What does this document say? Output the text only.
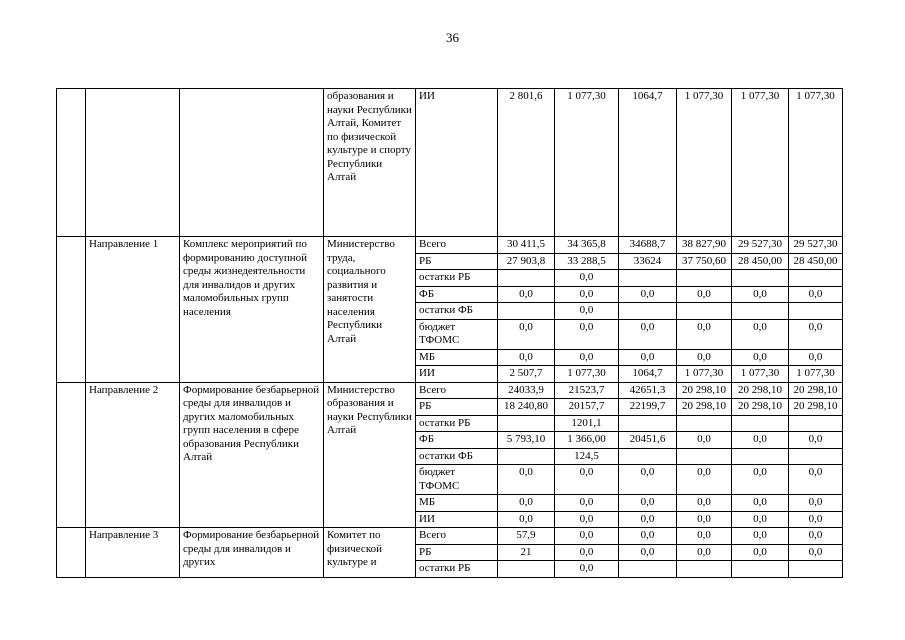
36
			образования и науки Республики Алтай, Комитет по физической культуре и спорту Республики Алтай	ИИ	2 801,6	1 077,30	1064,7	1 077,30	1 077,30	1 077,30
	Направление 1	Комплекс мероприятий по формированию доступной среды жизнедеятельности для инвалидов и других маломобильных групп населения	Министерство труда, социального развития и занятости населения Республики Алтай	Всего	30 411,5	34 365,8	34688,7	38 827,90	29 527,30	29 527,30
				РБ	27 903,8	33 288,5	33624	37 750,60	28 450,00	28 450,00
				остатки РБ		0,0				
				ФБ	0,0	0,0	0,0	0,0	0,0	0,0
				остатки ФБ		0,0				
				бюджет ТФОМС	0,0	0,0	0,0	0,0	0,0	0,0
				МБ	0,0	0,0	0,0	0,0	0,0	0,0
				ИИ	2 507,7	1 077,30	1064,7	1 077,30	1 077,30	1 077,30
	Направление 2	Формирование безбарьерной среды для инвалидов и других маломобильных групп населения в сфере образования Республики Алтай	Министерство образования и науки Республики Алтай	Всего	24033,9	21523,7	42651,3	20 298,10	20 298,10	20 298,10
				РБ	18 240,80	20157,7	22199,7	20 298,10	20 298,10	20 298,10
				остатки РБ		1201,1				
				ФБ	5 793,10	1 366,00	20451,6	0,0	0,0	0,0
				остатки ФБ		124,5				
				бюджет ТФОМС	0,0	0,0	0,0	0,0	0,0	0,0
				МБ	0,0	0,0	0,0	0,0	0,0	0,0
				ИИ	0,0	0,0	0,0	0,0	0,0	0,0
	Направление 3	Формирование безбарьерной среды для инвалидов и других	Комитет по физической культуре и	Всего	57,9	0,0	0,0	0,0	0,0	0,0
				РБ	21	0,0	0,0	0,0	0,0	0,0
				остатки РБ		0,0				
